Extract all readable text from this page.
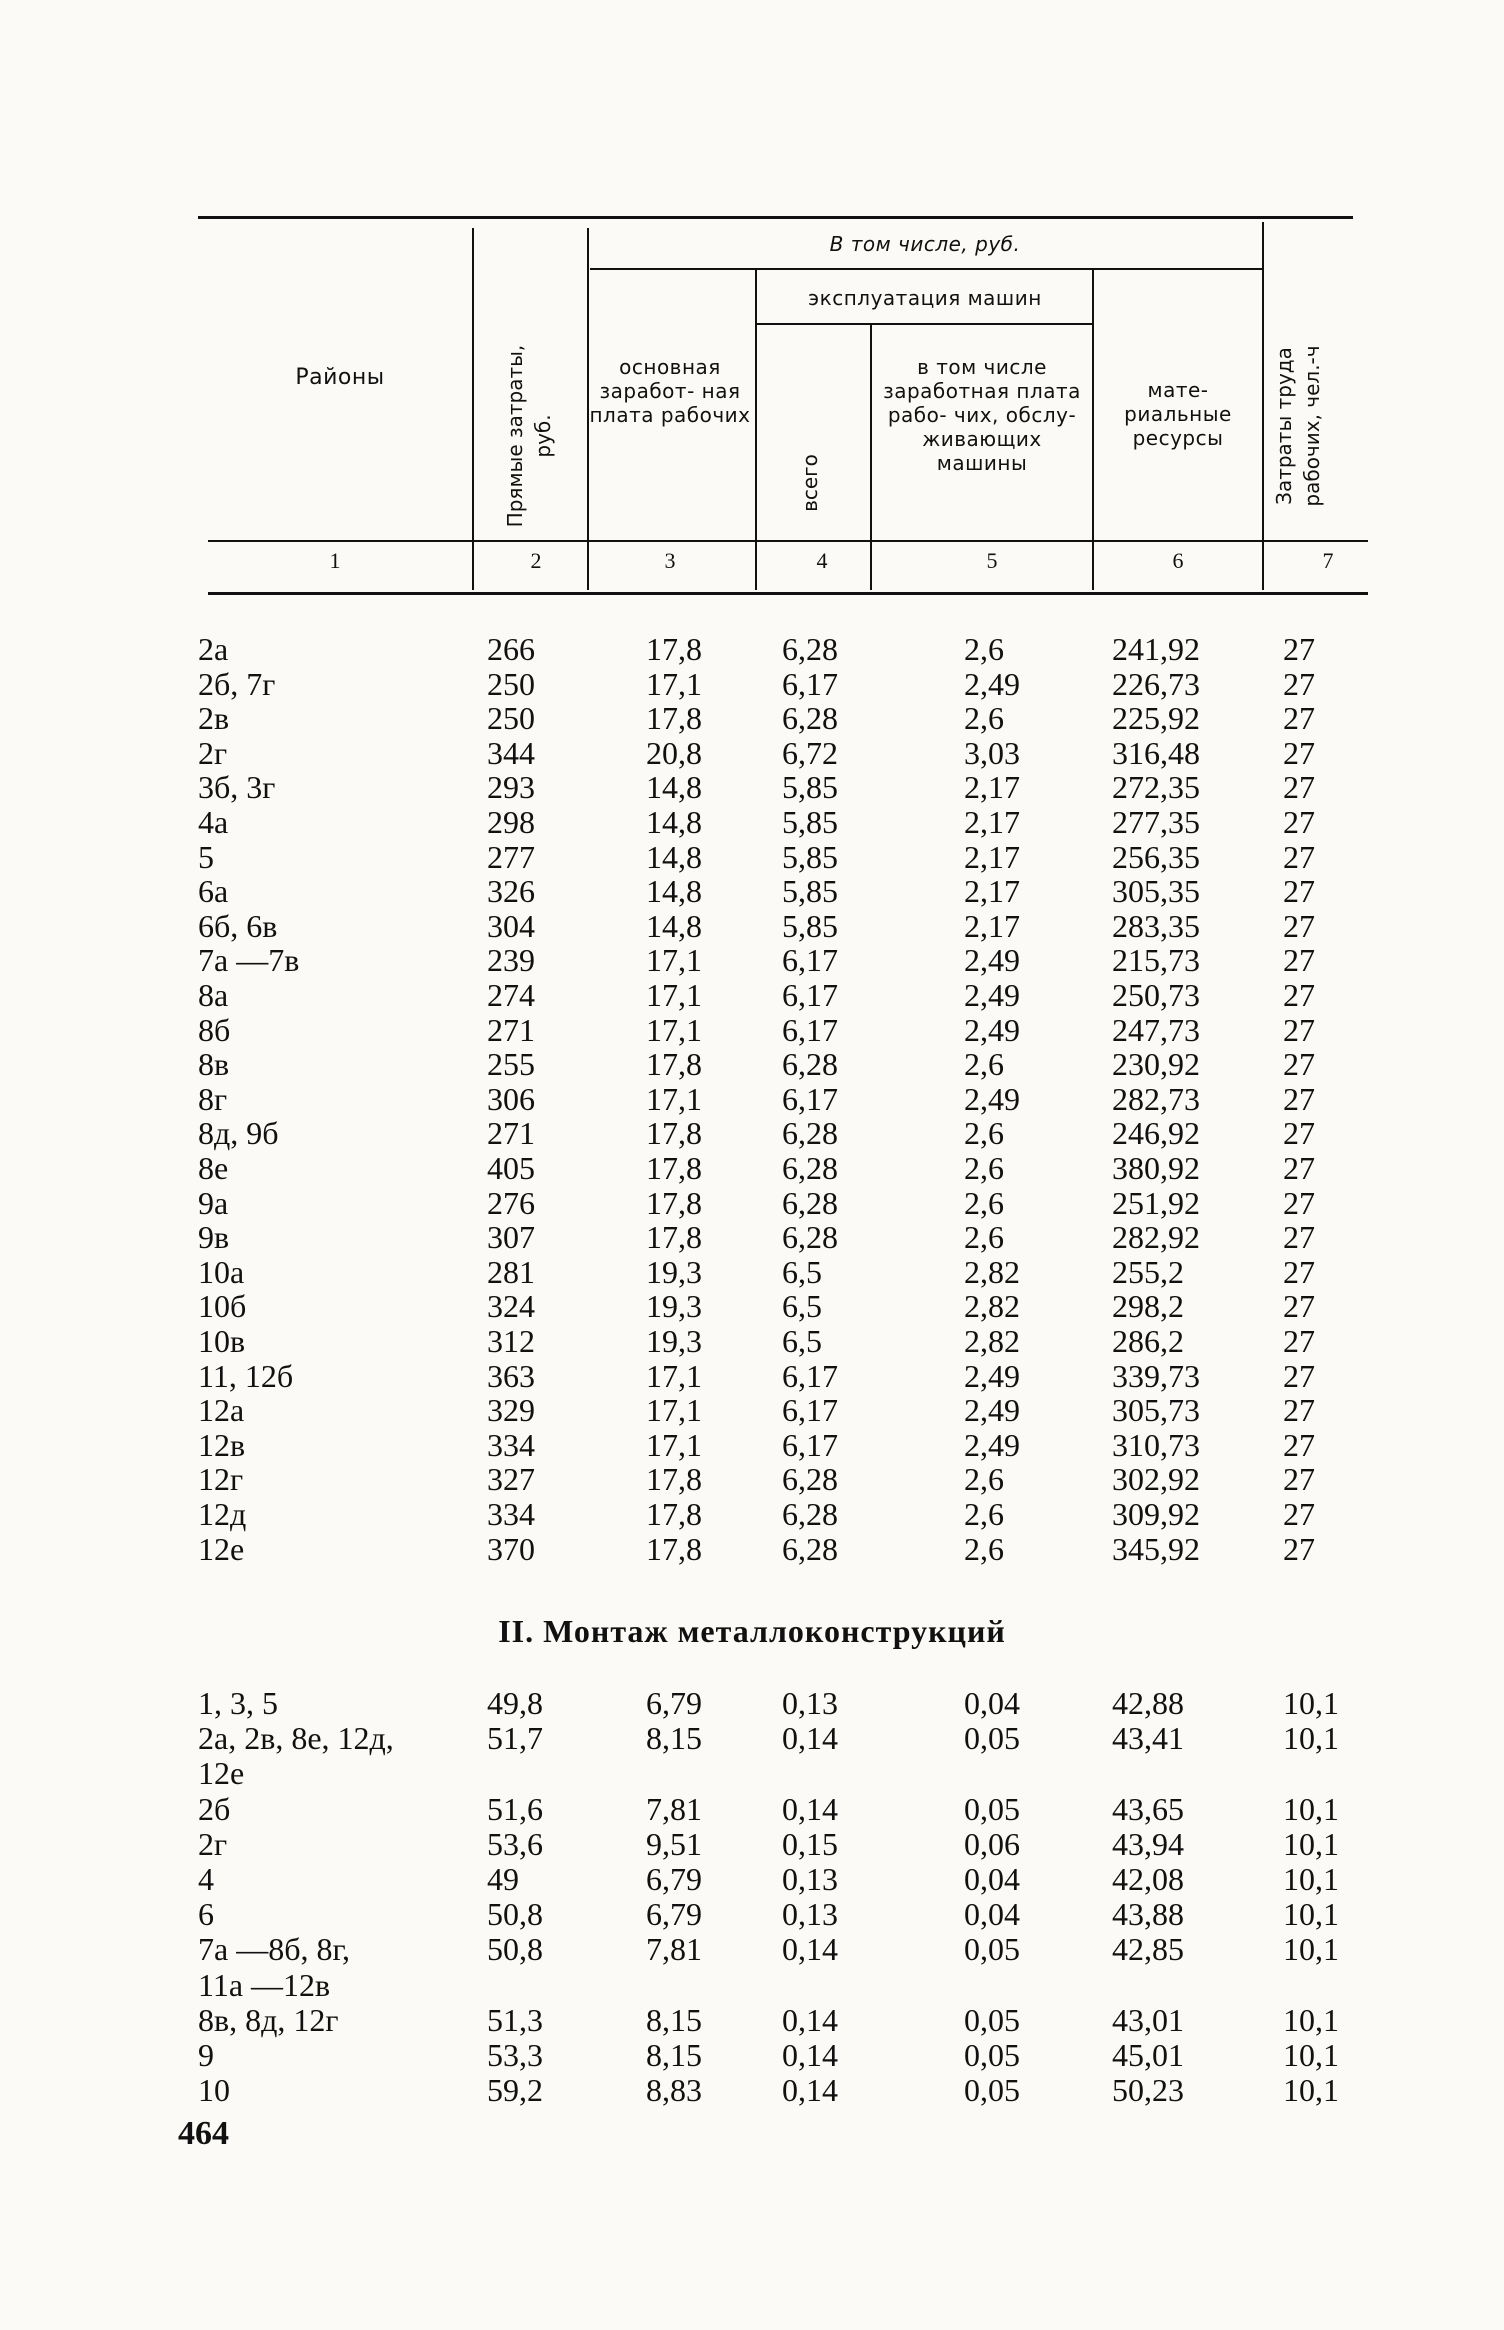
Районы	Прямые затраты, руб.
В том числе, руб.
эксплуатация машин
основная заработ- ная плата рабочих
всего
в том числе заработная плата рабо- чих, обслу- живающих машины
мате- риальные ресурсы	Затраты труда рабочих, чел.-ч
1	2	3	4	5	6	7
2а	266	17,8	6,28	2,6	241,92	27
2б, 7г	250	17,1	6,17	2,49	226,73	27
2в	250	17,8	6,28	2,6	225,92	27
2г	344	20,8	6,72	3,03	316,48	27
3б, 3г	293	14,8	5,85	2,17	272,35	27
4а	298	14,8	5,85	2,17	277,35	27
5	277	14,8	5,85	2,17	256,35	27
6а	326	14,8	5,85	2,17	305,35	27
6б, 6в	304	14,8	5,85	2,17	283,35	27
7а —7в	239	17,1	6,17	2,49	215,73	27
8а	274	17,1	6,17	2,49	250,73	27
8б	271	17,1	6,17	2,49	247,73	27
8в	255	17,8	6,28	2,6	230,92	27
8г	306	17,1	6,17	2,49	282,73	27
8д, 9б	271	17,8	6,28	2,6	246,92	27
8е	405	17,8	6,28	2,6	380,92	27
9а	276	17,8	6,28	2,6	251,92	27
9в	307	17,8	6,28	2,6	282,92	27
10а	281	19,3	6,5	2,82	255,2	27
10б	324	19,3	6,5	2,82	298,2	27
10в	312	19,3	6,5	2,82	286,2	27
11, 12б	363	17,1	6,17	2,49	339,73	27
12а	329	17,1	6,17	2,49	305,73	27
12в	334	17,1	6,17	2,49	310,73	27
12г	327	17,8	6,28	2,6	302,92	27
12д	334	17,8	6,28	2,6	309,92	27
12е	370	17,8	6,28	2,6	345,92	27
II. Монтаж металлоконструкций
1, 3, 5	49,8	6,79	0,13	0,04	42,88	10,1
2а, 2в, 8е, 12д,	51,7	8,15	0,14	0,05	43,41	10,1
12е
2б	51,6	7,81	0,14	0,05	43,65	10,1
2г	53,6	9,51	0,15	0,06	43,94	10,1
4	49	6,79	0,13	0,04	42,08	10,1
6	50,8	6,79	0,13	0,04	43,88	10,1
7а —8б, 8г,	50,8	7,81	0,14	0,05	42,85	10,1
11а —12в
8в, 8д, 12г	51,3	8,15	0,14	0,05	43,01	10,1
9	53,3	8,15	0,14	0,05	45,01	10,1
10	59,2	8,83	0,14	0,05	50,23	10,1
464
